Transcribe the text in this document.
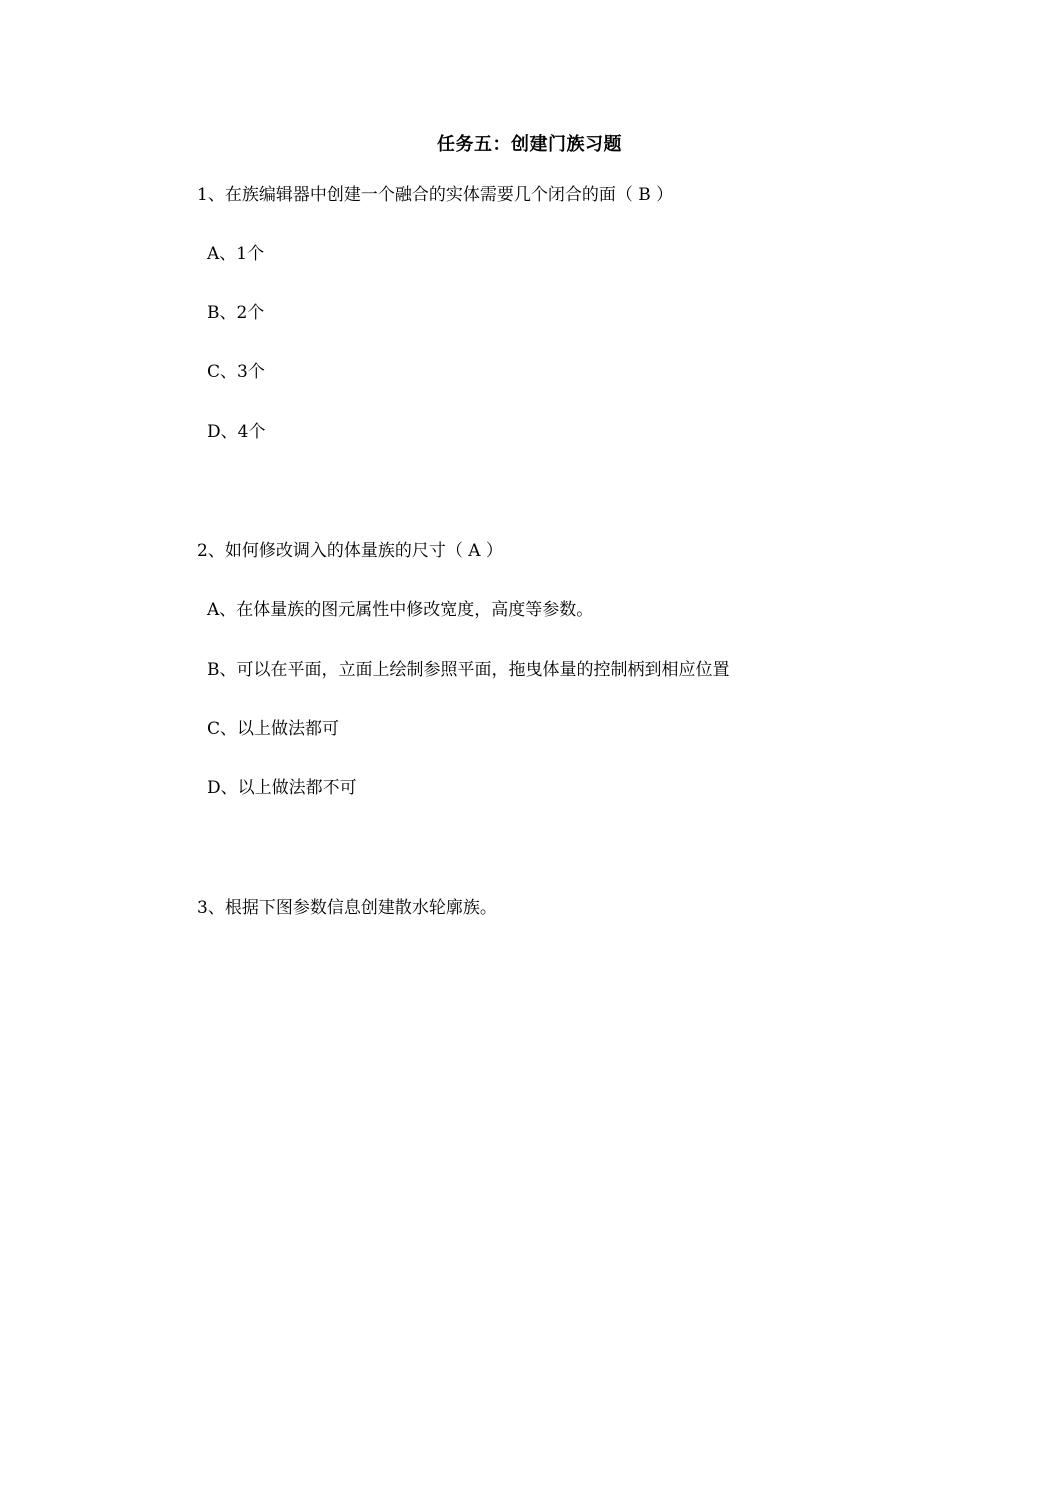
任务五：创建门族习题
1、在族编辑器中创建一个融合的实体需要几个闭合的面（ B ）
A、1个
B、2个
C、3个
D、4个
2、如何修改调入的体量族的尺寸（ A ）
A、在体量族的图元属性中修改宽度，高度等参数。
B、可以在平面，立面上绘制参照平面，拖曳体量的控制柄到相应位置
C、以上做法都可
D、以上做法都不可
3、根据下图参数信息创建散水轮廓族。
